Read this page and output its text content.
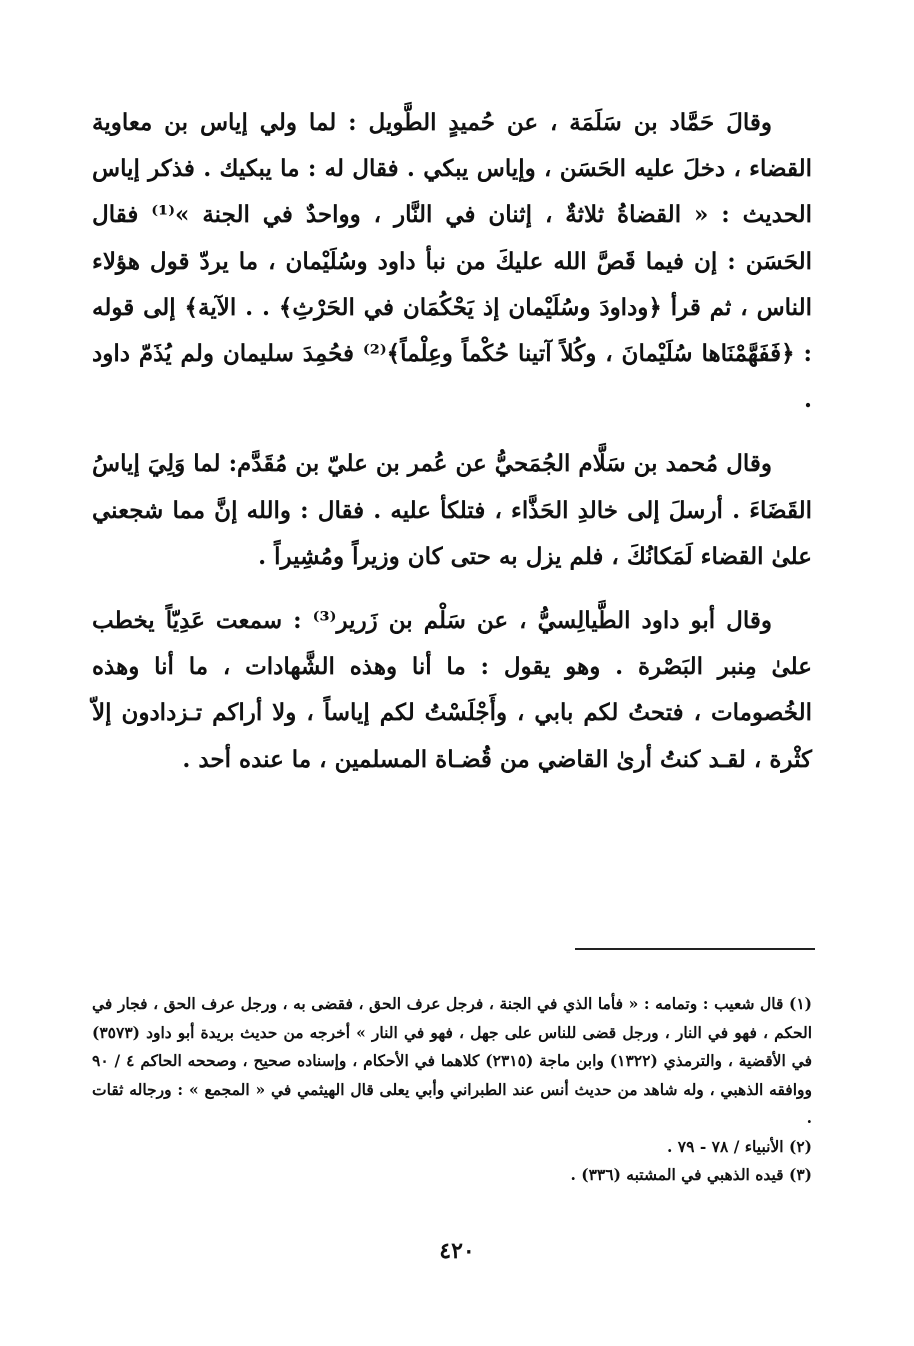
وقالَ حَمَّاد بن سَلَمَة ، عن حُميدٍ الطَّويل : لما ولي إياس بن معاوية القضاء ، دخلَ عليه الحَسَن ، وإياس يبكي . فقال له : ما يبكيك . فذكر إياس الحديث : « القضاةُ ثلاثةٌ ، إثنان في النَّار ، وواحدٌ في الجنة »⁽¹⁾ فقال الحَسَن : إن فيما قَصَّ الله عليكَ من نبأ داود وسُلَيْمان ، ما يردّ قول هؤلاء الناس ، ثم قرأ ﴿وداودَ وسُلَيْمان إذ يَحْكُمَان في الحَرْثِ﴾ . . الآية﴾ إلى قوله : ﴿فَفَهَّمْنَاها سُلَيْمانَ ، وكُلاً آتينا حُكْماً وعِلْماً﴾⁽²⁾ فحُمِدَ سليمان ولم يُذَمّ داود .

وقال مُحمد بن سَلَّام الجُمَحيُّ عن عُمر بن عليّ بن مُقَدَّم: لما وَلِيَ إياسُ القَضَاءَ . أرسلَ إلى خالدِ الحَذَّاء ، فتلكأ عليه . فقال : والله إنَّ مما شجعني علىٰ القضاء لَمَكانُكَ ، فلم يزل به حتى كان وزيراً ومُشِيراً .

وقال أبو داود الطَّيالِسيُّ ، عن سَلْم بن زَرير⁽³⁾ : سمعت عَدِيّاً يخطب علىٰ مِنبر البَصْرة . وهو يقول : ما أنا وهذه الشَّهادات ، ما أنا وهذه الخُصومات ، فتحتُ لكم بابي ، وأَجْلَسْتُ لكم إياساً ، ولا أراكم تـزدادون إلاّ كثْرة ، لقـد كنتُ أرىٰ القاضي من قُضـاة المسلمين ، ما عنده أحد .

(١) قال شعيب : وتمامه : « فأما الذي في الجنة ، فرجل عرف الحق ، فقضى به ، ورجل عرف الحق ، فجار في الحكم ، فهو في النار ، ورجل قضى للناس على جهل ، فهو في النار » أخرجه من حديث بريدة أبو داود (٣٥٧٣) في الأقضية ، والترمذي (١٣٢٢) وابن ماجة (٢٣١٥) كلاهما في الأحكام ، وإسناده صحيح ، وصححه الحاكم ٤ / ٩٠ ووافقه الذهبي ، وله شاهد من حديث أنس عند الطبراني وأبي يعلى قال الهيثمي في « المجمع » : ورجاله ثقات .

(٢) الأنبياء / ٧٨ - ٧٩ .

(٣) قيده الذهبي في المشتبه (٣٣٦) .

٤٢٠
